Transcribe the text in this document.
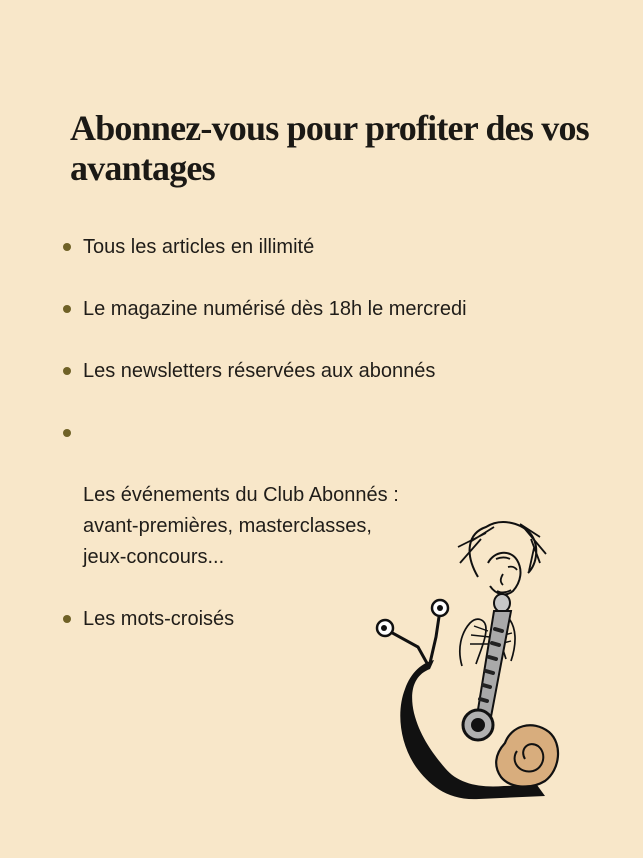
Abonnez-vous pour profiter des vos avantages
Tous les articles en illimité
Le magazine numérisé dès 18h le mercredi
Les newsletters réservées aux abonnés

Les événements du Club Abonnés :
avant-premières, masterclasses,
jeux-concours...

Les mots-croisés
